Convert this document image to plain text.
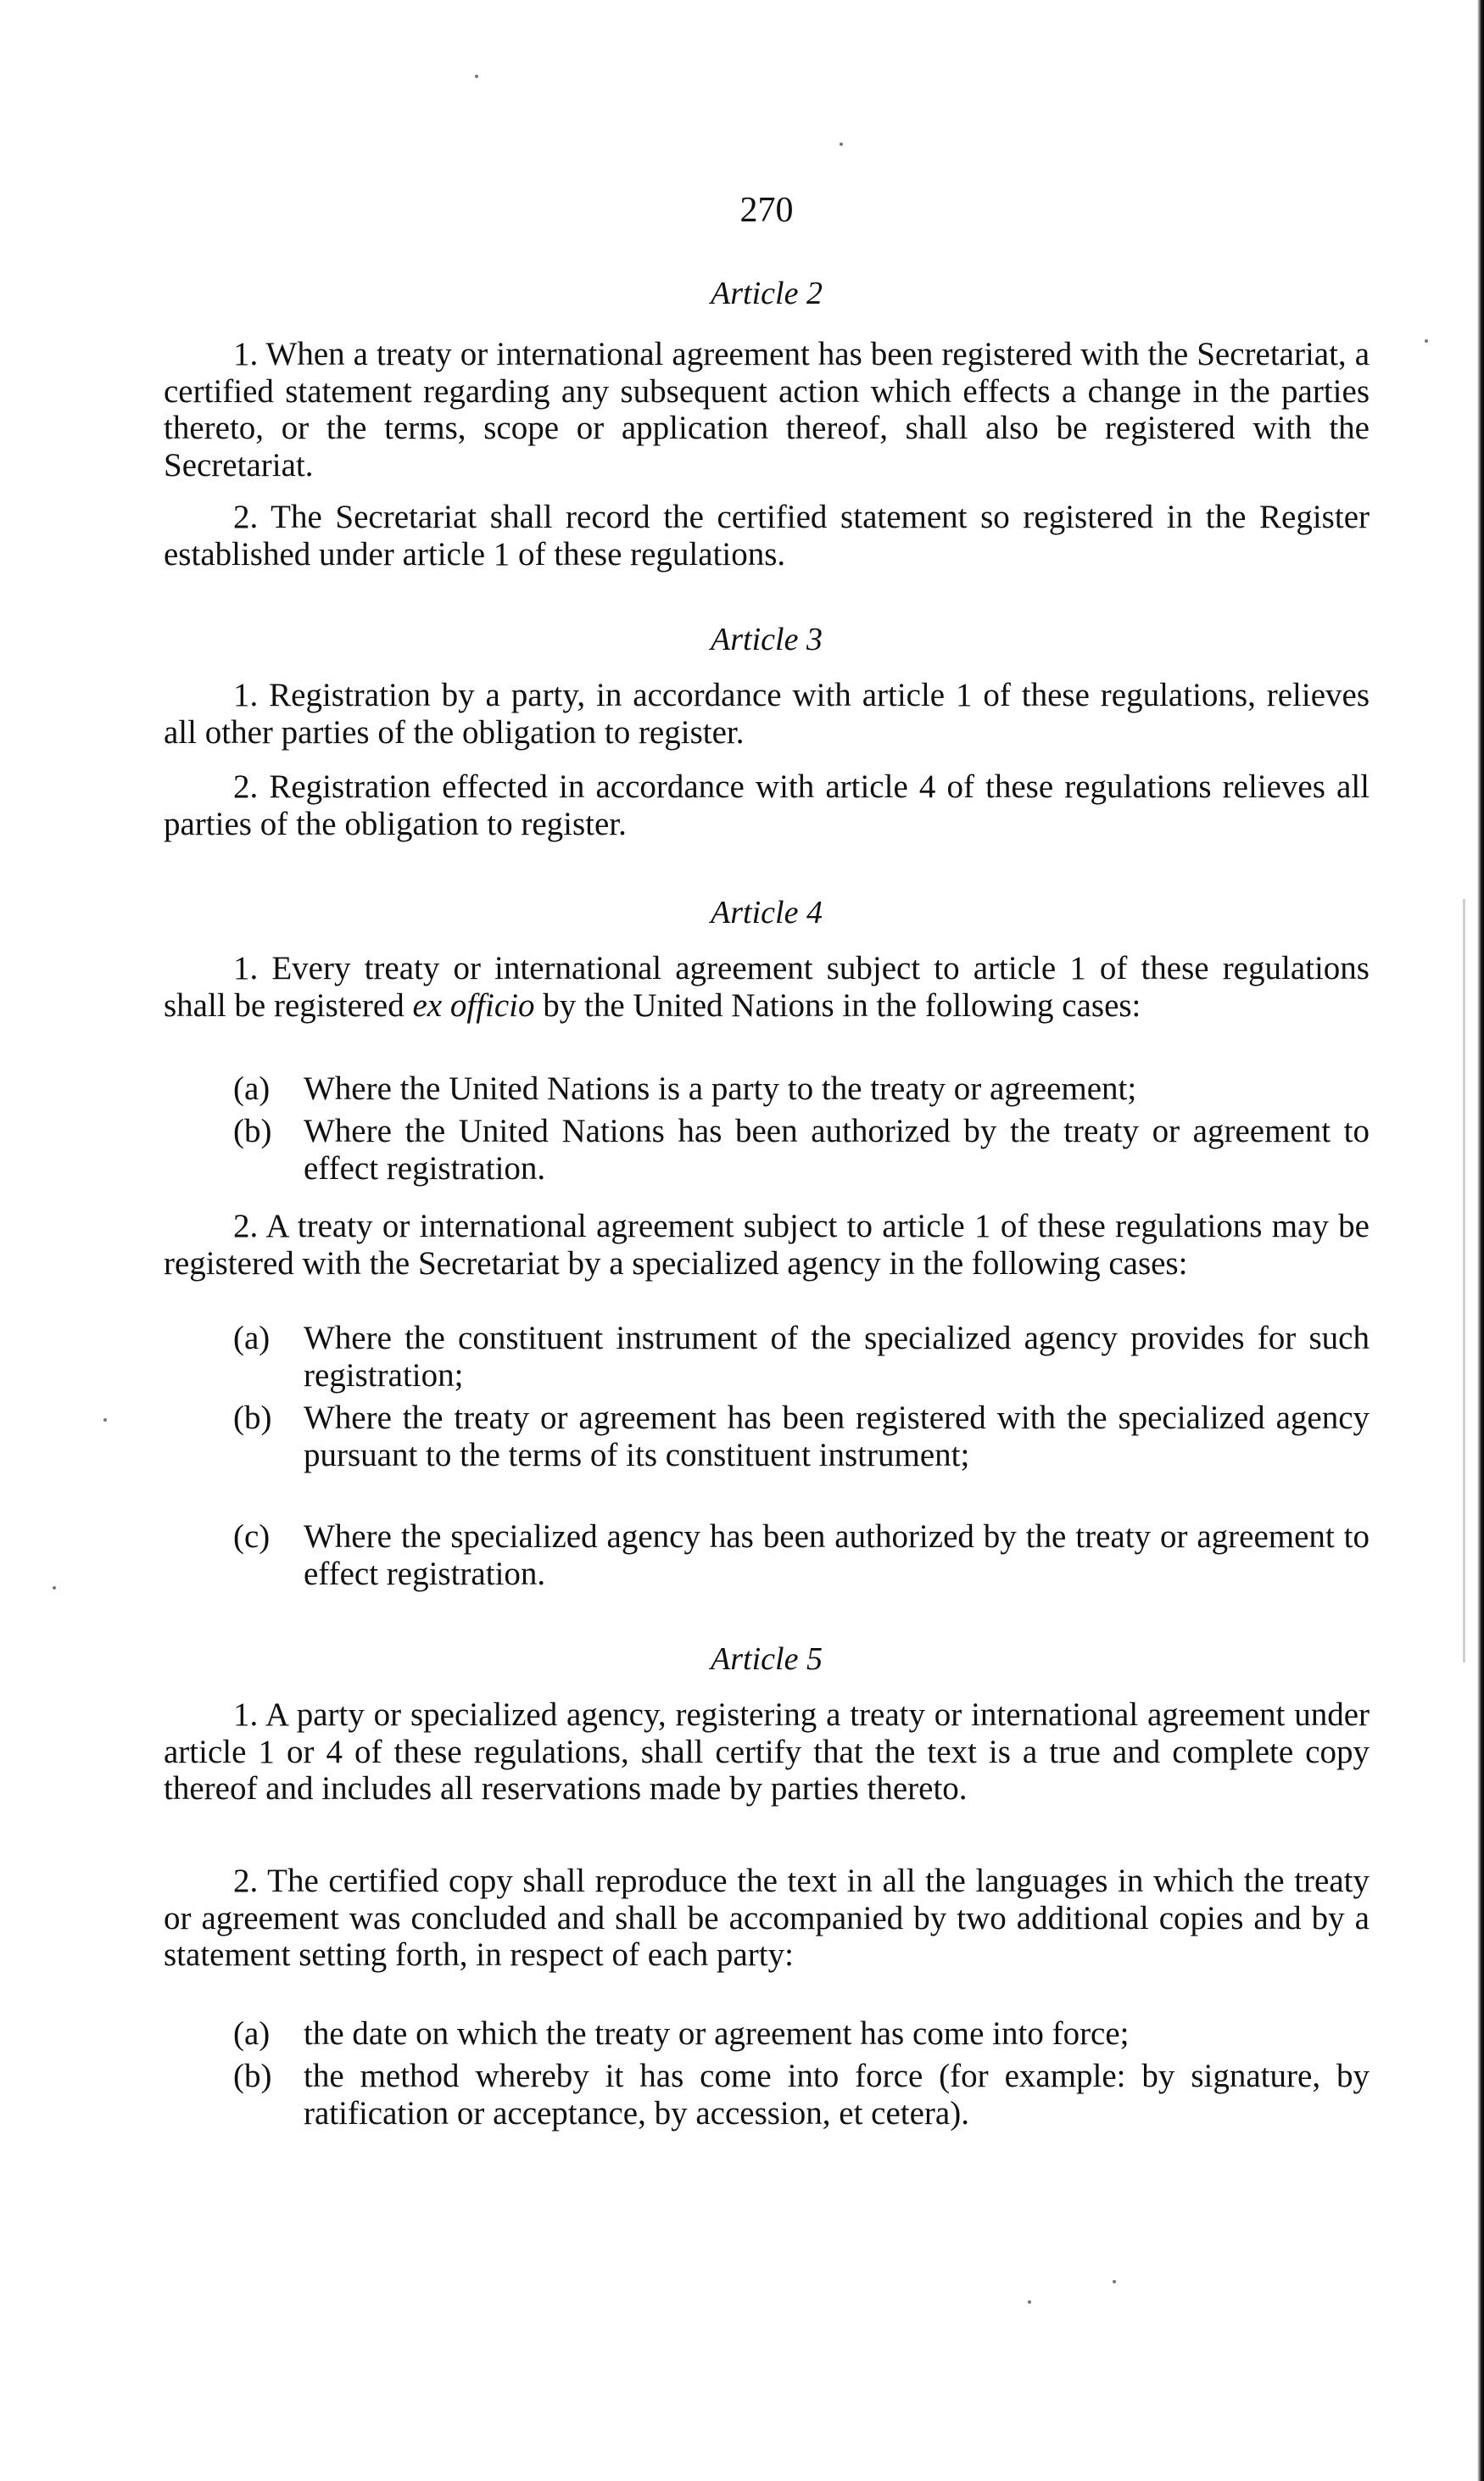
270
Article 2

1. When a treaty or international agreement has been registered with the Secretariat, a certified statement regarding any subsequent action which effects a change in the parties thereto, or the terms, scope or application thereof, shall also be registered with the Secretariat.

2. The Secretariat shall record the certified statement so registered in the Register established under article 1 of these regulations.

Article 3

1. Registration by a party, in accordance with article 1 of these regulations, relieves all other parties of the obligation to register.

2. Registration effected in accordance with article 4 of these regulations relieves all parties of the obligation to register.

Article 4

1. Every treaty or international agreement subject to article 1 of these regulations shall be registered ex officio by the United Nations in the following cases:

(a) Where the United Nations is a party to the treaty or agreement;
(b) Where the United Nations has been authorized by the treaty or agreement to effect registration.

2. A treaty or international agreement subject to article 1 of these regulations may be registered with the Secretariat by a specialized agency in the following cases:

(a) Where the constituent instrument of the specialized agency provides for such registration;
(b) Where the treaty or agreement has been registered with the specialized agency pursuant to the terms of its constituent instrument;
(c) Where the specialized agency has been authorized by the treaty or agreement to effect registration.
Article 5

1. A party or specialized agency, registering a treaty or international agreement under article 1 or 4 of these regulations, shall certify that the text is a true and complete copy thereof and includes all reservations made by parties thereto.

2. The certified copy shall reproduce the text in all the languages in which the treaty or agreement was concluded and shall be accompanied by two additional copies and by a statement setting forth, in respect of each party:

(a) the date on which the treaty or agreement has come into force;
(b) the method whereby it has come into force (for example: by signature, by ratification or acceptance, by accession, et cetera).
